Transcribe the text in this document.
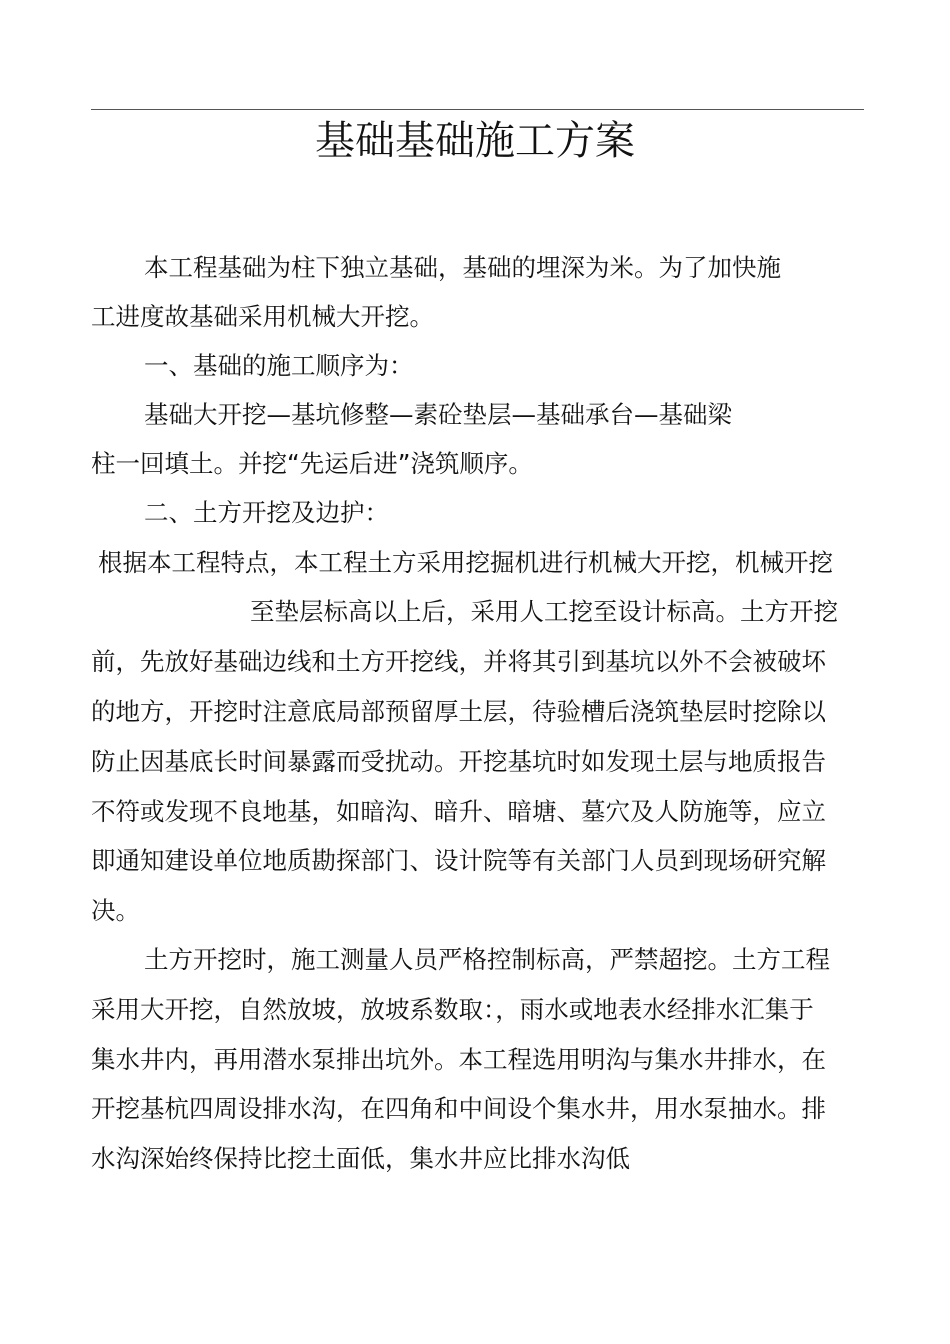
基础基础施工方案
本工程基础为柱下独立基础，基础的埋深为米。为了加快施
工进度故基础采用机械大开挖。
一、基础的施工顺序为：
基础大开挖—基坑修整—素砼垫层—基础承台—基础梁
柱一回填土。并挖“先运后进”浇筑顺序。
二、土方开挖及边护：
根据本工程特点，本工程土方采用挖掘机进行机械大开挖，机械开挖
至垫层标高以上后，采用人工挖至设计标高。土方开挖
前，先放好基础边线和土方开挖线，并将其引到基坑以外不会被破坏
的地方，开挖时注意底局部预留厚土层，待验槽后浇筑垫层时挖除以
防止因基底长时间暴露而受扰动。开挖基坑时如发现土层与地质报告
不符或发现不良地基，如暗沟、暗升、暗塘、墓穴及人防施等，应立
即通知建设单位地质勘探部门、设计院等有关部门人员到现场研究解
决。
土方开挖时，施工测量人员严格控制标高，严禁超挖。土方工程
采用大开挖，自然放坡，放坡系数取：，雨水或地表水经排水汇集于
集水井内，再用潜水泵排出坑外。本工程选用明沟与集水井排水，在
开挖基杭四周设排水沟，在四角和中间设个集水井，用水泵抽水。排
水沟深始终保持比挖土面低，集水井应比排水沟低
